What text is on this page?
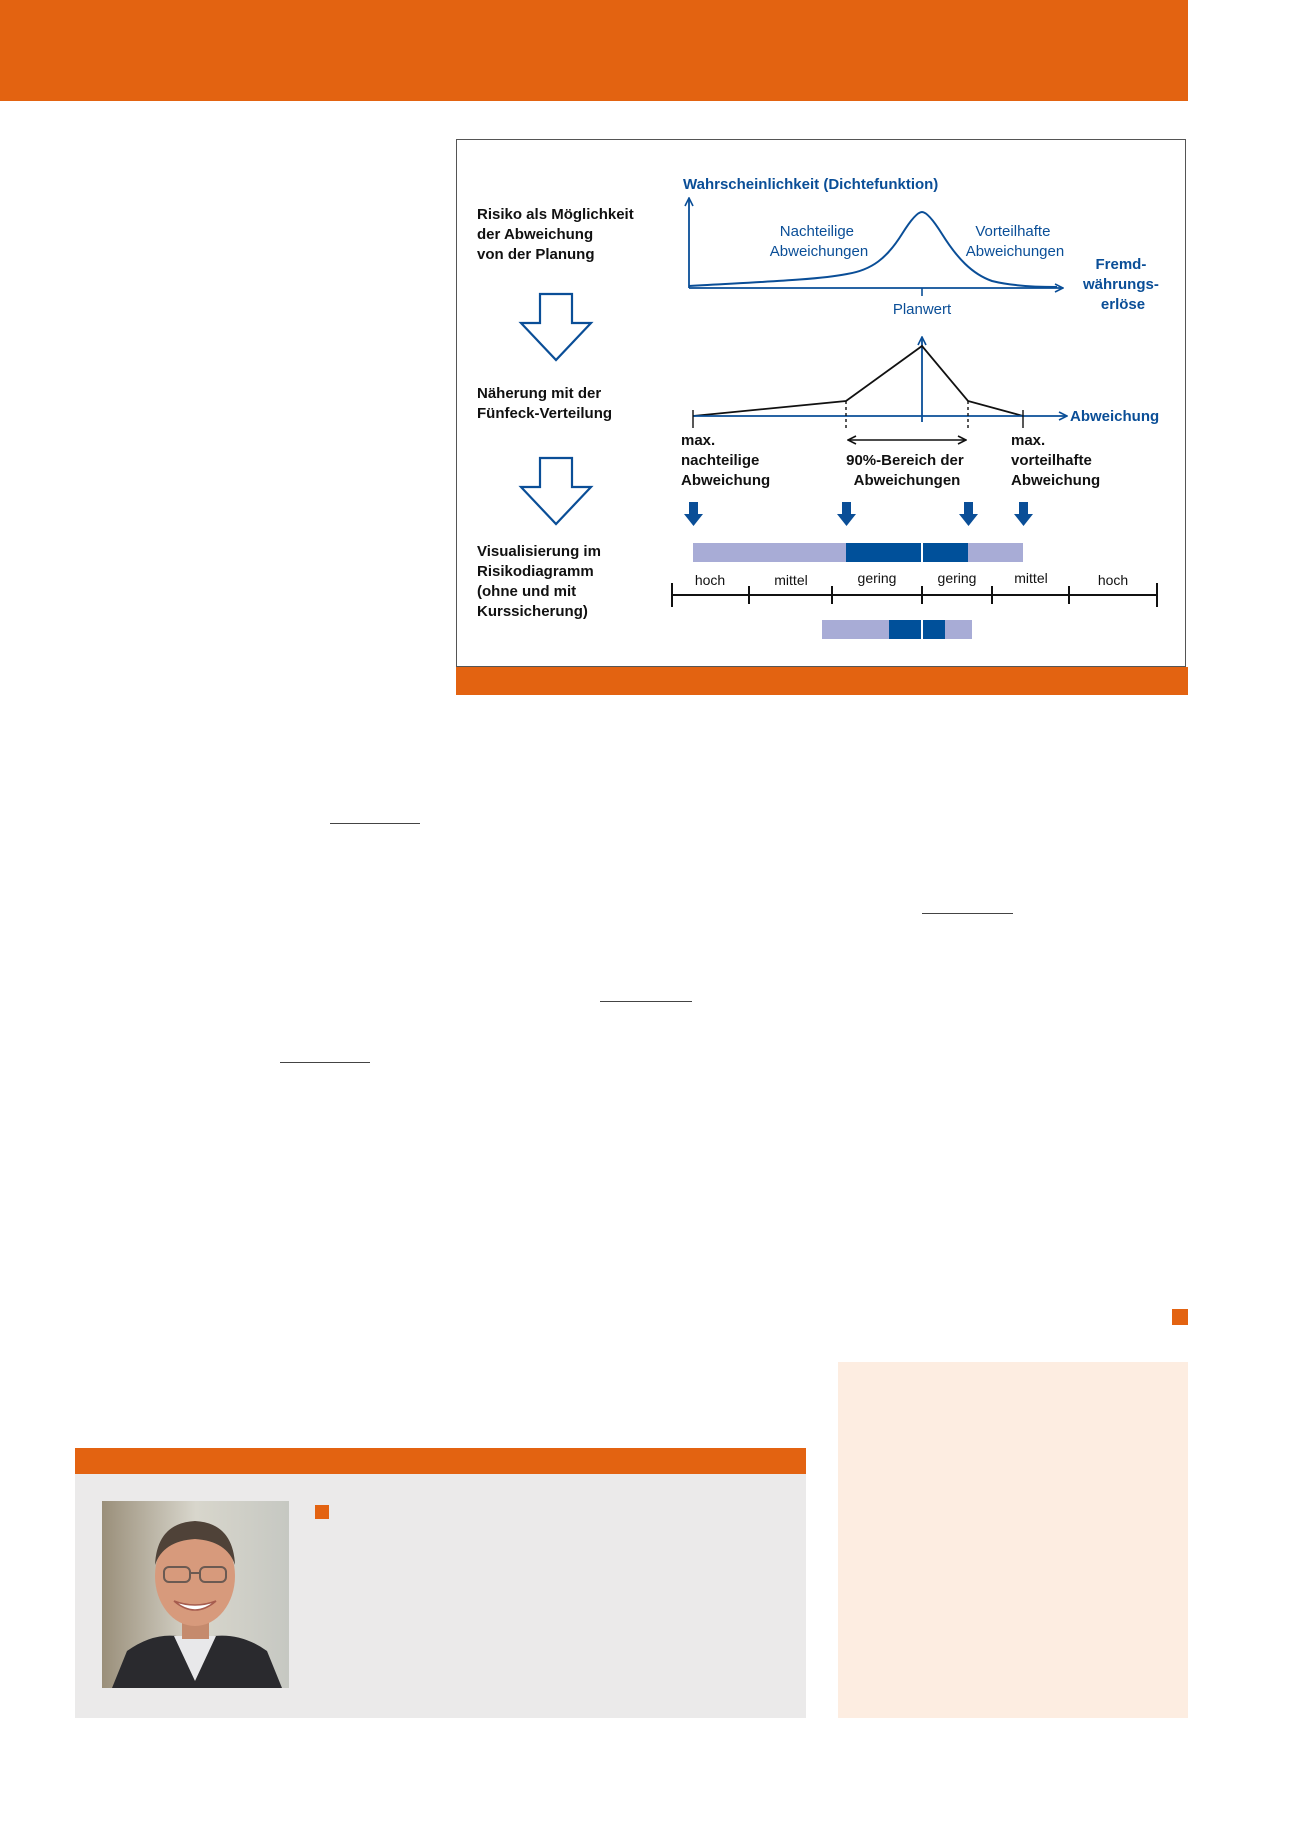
Risiko als Möglichkeit der Abweichung von der Planung
Näherung mit der Fünfeck-Verteilung
Visualisierung im Risikodiagramm (ohne und mit Kurssicherung)
Wahrscheinlichkeit (Dichtefunktion)
Nachteilige Abweichungen
Vorteilhafte Abweichungen
Fremd- währungs- erlöse
Planwert
Abweichung
max. nachteilige Abweichung
90%-Bereich der Abweichungen
max. vorteilhafte Abweichung
hoch	mittel	gering	gering	mittel	hoch
